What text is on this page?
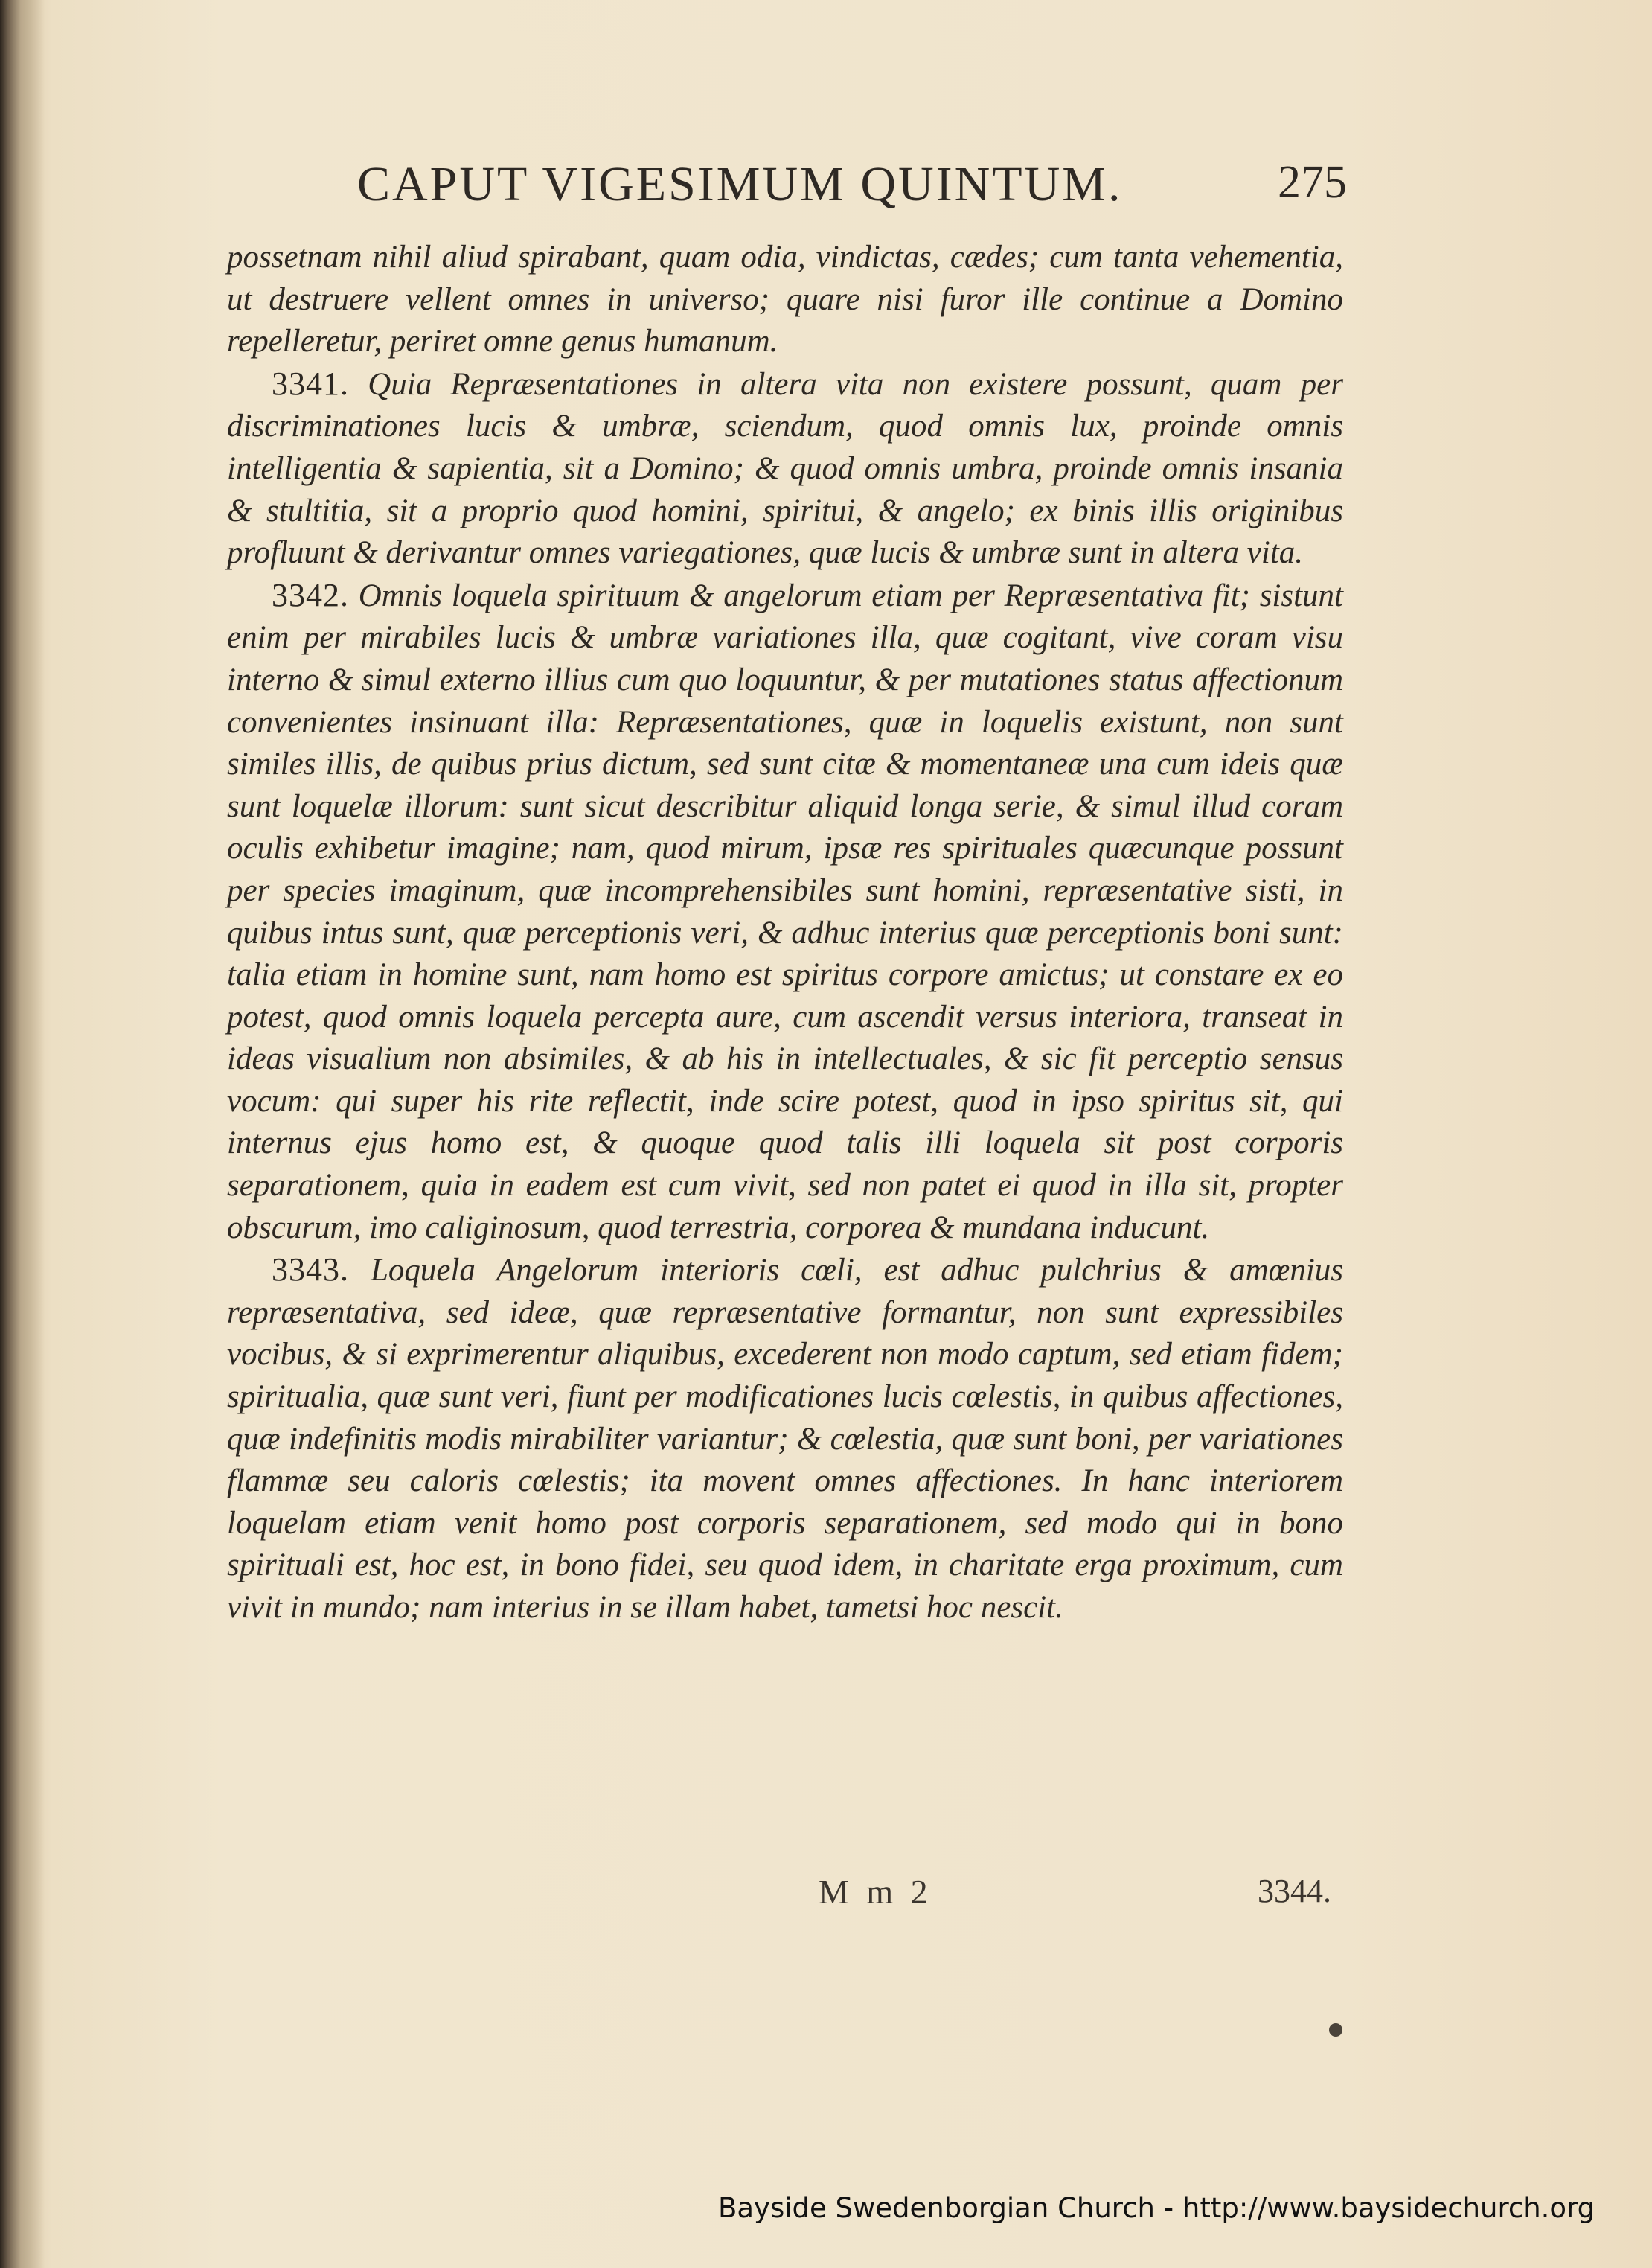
CAPUT VIGESIMUM QUINTUM.	275

possetnam nihil aliud spirabant, quam odia, vindictas, cædes; cum tanta vehementia, ut destruere vellent omnes in universo; quare nisi furor ille continue a Domino repelleretur, periret omne genus humanum.

3341. Quia Repræsentationes in altera vita non existere possunt, quam per discriminationes lucis & umbræ, sciendum, quod omnis lux, proinde omnis intelligentia & sapientia, sit a Domino; & quod omnis umbra, proinde omnis insania & stultitia, sit a proprio quod homini, spiritui, & angelo; ex binis illis originibus profluunt & derivantur omnes variegationes, quæ lucis & umbræ sunt in altera vita.

3342. Omnis loquela spirituum & angelorum etiam per Repræsentativa fit; sistunt enim per mirabiles lucis & umbræ variationes illa, quæ cogitant, vive coram visu interno & simul externo illius cum quo loquuntur, & per mutationes status affectionum convenientes insinuant illa: Repræsentationes, quæ in loquelis existunt, non sunt similes illis, de quibus prius dictum, sed sunt citæ & momentaneæ una cum ideis quæ sunt loquelæ illorum: sunt sicut describitur aliquid longa serie, & simul illud coram oculis exhibetur imagine; nam, quod mirum, ipsæ res spirituales quæcunque possunt per species imaginum, quæ incomprehensibiles sunt homini, repræsentative sisti, in quibus intus sunt, quæ perceptionis veri, & adhuc interius quæ perceptionis boni sunt: talia etiam in homine sunt, nam homo est spiritus corpore amictus; ut constare ex eo potest, quod omnis loquela percepta aure, cum ascendit versus interiora, transeat in ideas visualium non absimiles, & ab his in intellectuales, & sic fit perceptio sensus vocum: qui super his rite reflectit, inde scire potest, quod in ipso spiritus sit, qui internus ejus homo est, & quoque quod talis illi loquela sit post corporis separationem, quia in eadem est cum vivit, sed non patet ei quod in illa sit, propter obscurum, imo caliginosum, quod terrestria, corporea & mundana inducunt.

3343. Loquela Angelorum interioris cœli, est adhuc pulchrius & amœnius repræsentativa, sed ideæ, quæ repræsentative formantur, non sunt expressibiles vocibus, & si exprimerentur aliquibus, excederent non modo captum, sed etiam fidem; spiritualia, quæ sunt veri, fiunt per modificationes lucis cœlestis, in quibus affectiones, quæ indefinitis modis mirabiliter variantur; & cœlestia, quæ sunt boni, per variationes flammæ seu caloris cœlestis; ita movent omnes affectiones. In hanc interiorem loquelam etiam venit homo post corporis separationem, sed modo qui in bono spirituali est, hoc est, in bono fidei, seu quod idem, in charitate erga proximum, cum vivit in mundo; nam interius in se illam habet, tametsi hoc nescit.

M m 2	3344.
Bayside Swedenborgian Church - http://www.baysidechurch.org
